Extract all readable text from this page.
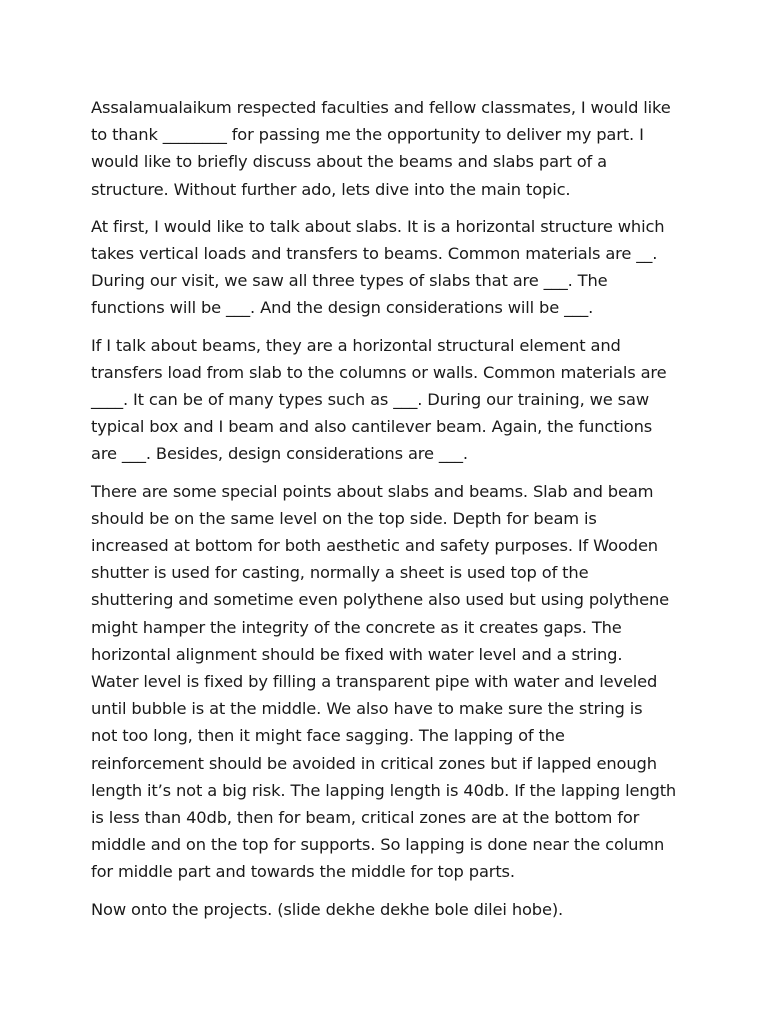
Assalamualaikum respected faculties and fellow classmates, I would like
to thank ________ for passing me the opportunity to deliver my part. I
would like to briefly discuss about the beams and slabs part of a
structure. Without further ado, lets dive into the main topic.

At first, I would like to talk about slabs. It is a horizontal structure which
takes vertical loads and transfers to beams. Common materials are __.
During our visit, we saw all three types of slabs that are ___. The
functions will be ___. And the design considerations will be ___.

If I talk about beams, they are a horizontal structural element and
transfers load from slab to the columns or walls. Common materials are
____. It can be of many types such as ___. During our training, we saw
typical box and I beam and also cantilever beam. Again, the functions
are ___. Besides, design considerations are ___.

There are some special points about slabs and beams. Slab and beam
should be on the same level on the top side. Depth for beam is
increased at bottom for both aesthetic and safety purposes. If Wooden
shutter is used for casting, normally a sheet is used top of the
shuttering and sometime even polythene also used but using polythene
might hamper the integrity of the concrete as it creates gaps. The
horizontal alignment should be fixed with water level and a string.
Water level is fixed by filling a transparent pipe with water and leveled
until bubble is at the middle. We also have to make sure the string is
not too long, then it might face sagging. The lapping of the
reinforcement should be avoided in critical zones but if lapped enough
length it’s not a big risk. The lapping length is 40db. If the lapping length
is less than 40db, then for beam, critical zones are at the bottom for
middle and on the top for supports. So lapping is done near the column
for middle part and towards the middle for top parts.

Now onto the projects. (slide dekhe dekhe bole dilei hobe).
